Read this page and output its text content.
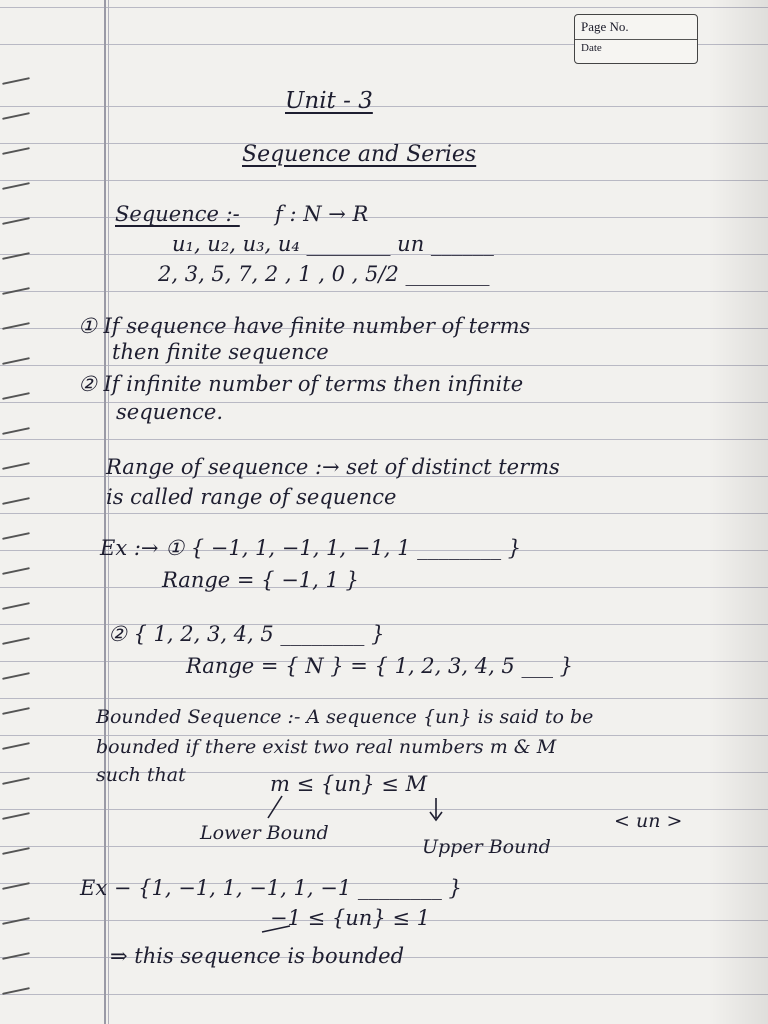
Page No.
Date
Unit - 3
Sequence and Series
Sequence :- f : N → R
u₁, u₂, u₃, u₄ ________ un ______
2, 3, 5, 7, 2 , 1 , 0 , 5/2 ________
① If sequence have finite number of terms
then finite sequence
② If infinite number of terms then infinite
sequence.
Range of sequence :→ set of distinct terms
is called range of sequence
Ex :→ ① { −1, 1, −1, 1, −1, 1 ________ }
Range = { −1, 1 }
② { 1, 2, 3, 4, 5 ________ }
Range = { N } = { 1, 2, 3, 4, 5 ___ }
Bounded Sequence :- A sequence {un} is said to be
bounded if there exist two real numbers m & M
such that	m ≤ {un} ≤ M
< un >
Lower Bound
Upper Bound
Ex − {1, −1, 1, −1, 1, −1 ________ }
−1 ≤ {un} ≤ 1
⇒ this sequence is bounded
